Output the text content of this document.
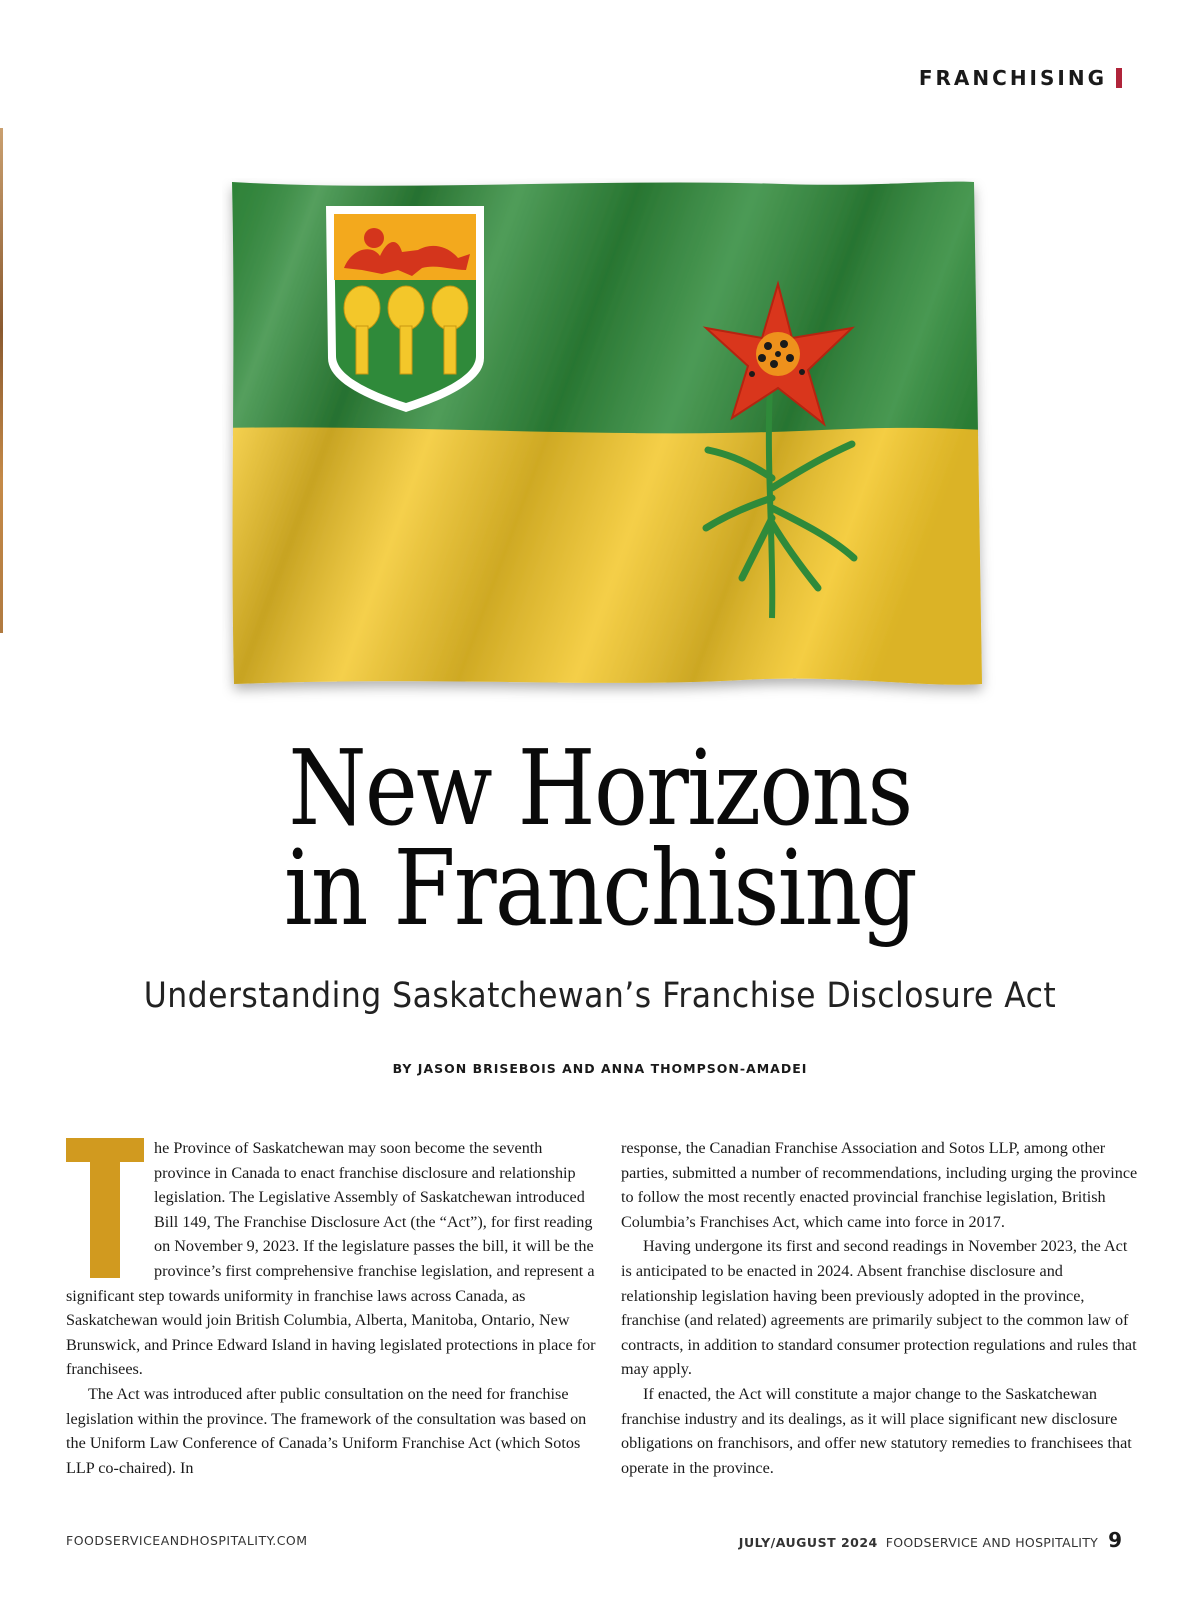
FRANCHISING
New Horizons
in Franchising
Understanding Saskatchewan’s Franchise Disclosure Act
BY JASON BRISEBOIS AND ANNA THOMPSON-AMADEI

he Province of Saskatchewan may soon become the seventh province in Canada to enact franchise disclosure and relationship legislation. The Legislative Assembly of Saskatchewan introduced Bill 149, The Franchise Disclosure Act (the “Act”), for first reading on November 9, 2023. If the legislature passes the bill, it will be the province’s first comprehensive franchise legislation, and represent a significant step towards uniformity in franchise laws across Canada, as Saskatchewan would join British Columbia, Alberta, Manitoba, Ontario, New Brunswick, and Prince Edward Island in having legislated protections in place for franchisees.

The Act was introduced after public consultation on the need for franchise legislation within the province. The framework of the consultation was based on the Uniform Law Conference of Canada’s Uniform Franchise Act (which Sotos LLP co-chaired). In

response, the Canadian Franchise Association and Sotos LLP, among other parties, submitted a number of recommendations, including urging the province to follow the most recently enacted provincial franchise legislation, British Columbia’s Franchises Act, which came into force in 2017.

Having undergone its first and second readings in November 2023, the Act is anticipated to be enacted in 2024. Absent franchise disclosure and relationship legislation having been previously adopted in the province, franchise (and related) agreements are primarily subject to the common law of contracts, in addition to standard consumer protection regulations and rules that may apply.

If enacted, the Act will constitute a major change to the Saskatchewan franchise industry and its dealings, as it will place significant new disclosure obligations on franchisors, and offer new statutory remedies to franchisees that operate in the province.

FOODSERVICEANDHOSPITALITY.COM	JULY/AUGUST 2024 FOODSERVICE AND HOSPITALITY 9
